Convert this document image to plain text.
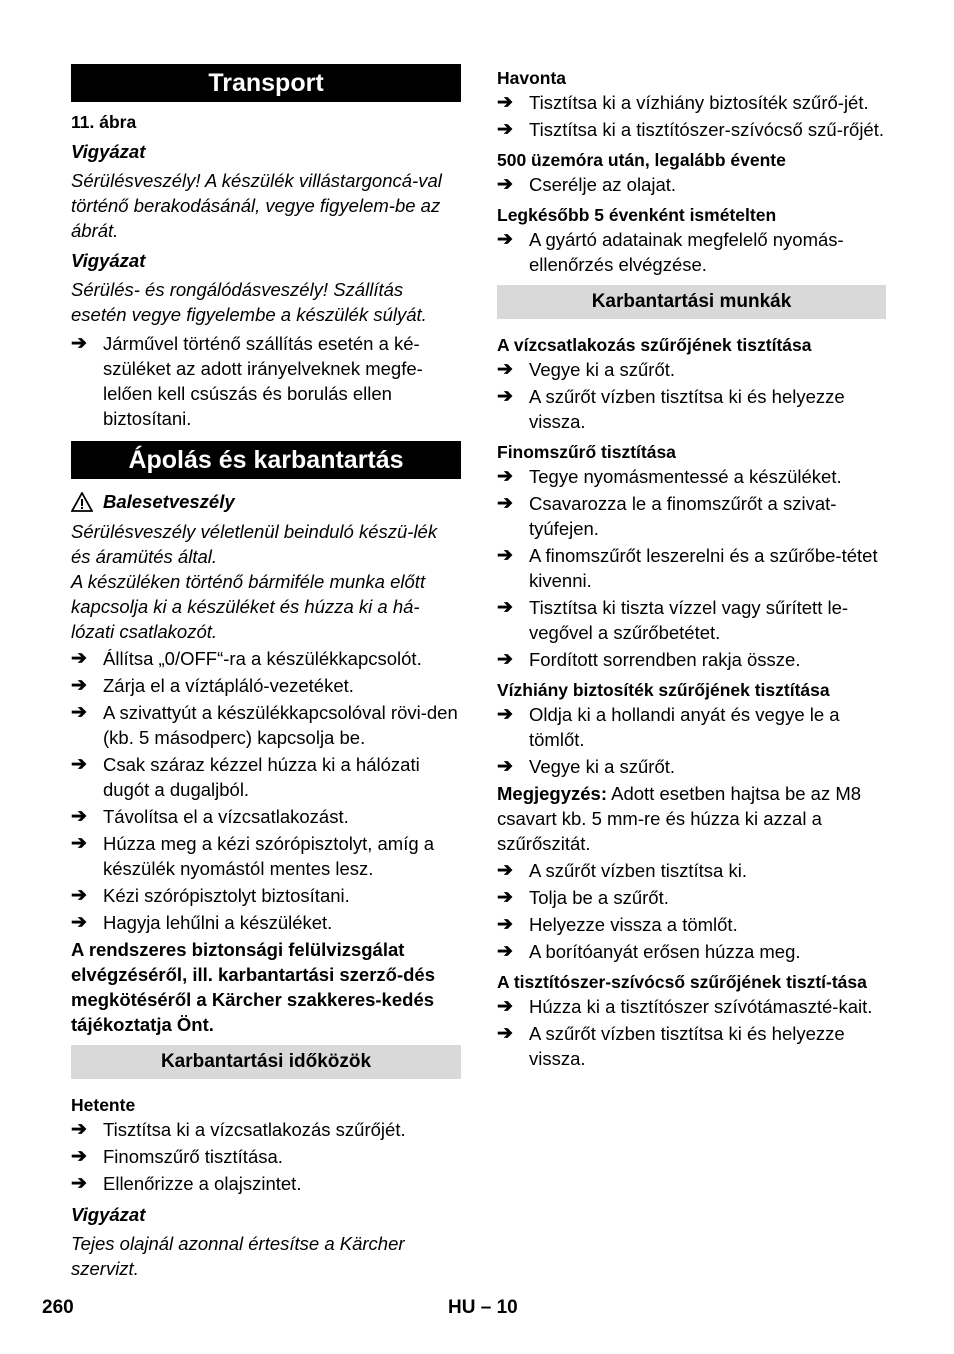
Transport
11. ábra
Vigyázat
Sérülésveszély! A készülék villástargoncá-val történő berakodásánál, vegye figyelem-be az ábrát.
Vigyázat
Sérülés- és rongálódásveszély! Szállítás esetén vegye figyelembe a készülék súlyát.
➔ Járművel történő szállítás esetén a ké-szüléket az adott irányelveknek megfe-lelően kell csúszás és borulás ellen biztosítani.
Ápolás és karbantartás
Balesetveszély
Sérülésveszély véletlenül beinduló készü-lék és áramütés által.
A készüléken történő bármiféle munka előtt kapcsolja ki a készüléket és húzza ki a há-lózati csatlakozót.
➔ Állítsa „0/OFF“-ra a készülékkapcsolót.
➔ Zárja el a víztápláló-vezetéket.
➔ A szivattyút a készülékkapcsolóval rövi-den (kb. 5 másodperc) kapcsolja be.
➔ Csak száraz kézzel húzza ki a hálózati dugót a dugaljból.
➔ Távolítsa el a vízcsatlakozást.
➔ Húzza meg a kézi szórópisztolyt, amíg a készülék nyomástól mentes lesz.
➔ Kézi szórópisztolyt biztosítani.
➔ Hagyja lehűlni a készüléket.
A rendszeres biztonsági felülvizsgálat elvégzéséről, ill. karbantartási szerző-dés megkötéséről a Kärcher szakkeres-kedés tájékoztatja Önt.
Karbantartási időközök
Hetente
➔ Tisztítsa ki a vízcsatlakozás szűrőjét.
➔ Finomszűrő tisztítása.
➔ Ellenőrizze a olajszintet.
Vigyázat
Tejes olajnál azonnal értesítse a Kärcher szervizt.
Havonta
➔ Tisztítsa ki a vízhiány biztosíték szűrő-jét.
➔ Tisztítsa ki a tisztítószer-szívócső szű-rőjét.
500 üzemóra után, legalább évente
➔ Cserélje az olajat.
Legkésőbb 5 évenként ismételten
➔ A gyártó adatainak megfelelő nyomás-ellenőrzés elvégzése.
Karbantartási munkák
A vízcsatlakozás szűrőjének tisztítása
➔ Vegye ki a szűrőt.
➔ A szűrőt vízben tisztítsa ki és helyezze vissza.
Finomszűrő tisztítása
➔ Tegye nyomásmentessé a készüléket.
➔ Csavarozza le a finomszűrőt a szivat-tyúfejen.
➔ A finomszűrőt leszerelni és a szűrőbe-tétet kivenni.
➔ Tisztítsa ki tiszta vízzel vagy sűrített le-vegővel a szűrőbetétet.
➔ Fordított sorrendben rakja össze.
Vízhiány biztosíték szűrőjének tisztítása
➔ Oldja ki a hollandi anyát és vegye le a tömlőt.
➔ Vegye ki a szűrőt.
Megjegyzés: Adott esetben hajtsa be az M8 csavart kb. 5 mm-re és húzza ki azzal a szűrőszitát.
➔ A szűrőt vízben tisztítsa ki.
➔ Tolja be a szűrőt.
➔ Helyezze vissza a tömlőt.
➔ A borítóanyát erősen húzza meg.
A tisztítószer-szívócső szűrőjének tisztí-tása
➔ Húzza ki a tisztítószer szívótámaszté-kait.
➔ A szűrőt vízben tisztítsa ki és helyezze vissza.
260	HU – 10
